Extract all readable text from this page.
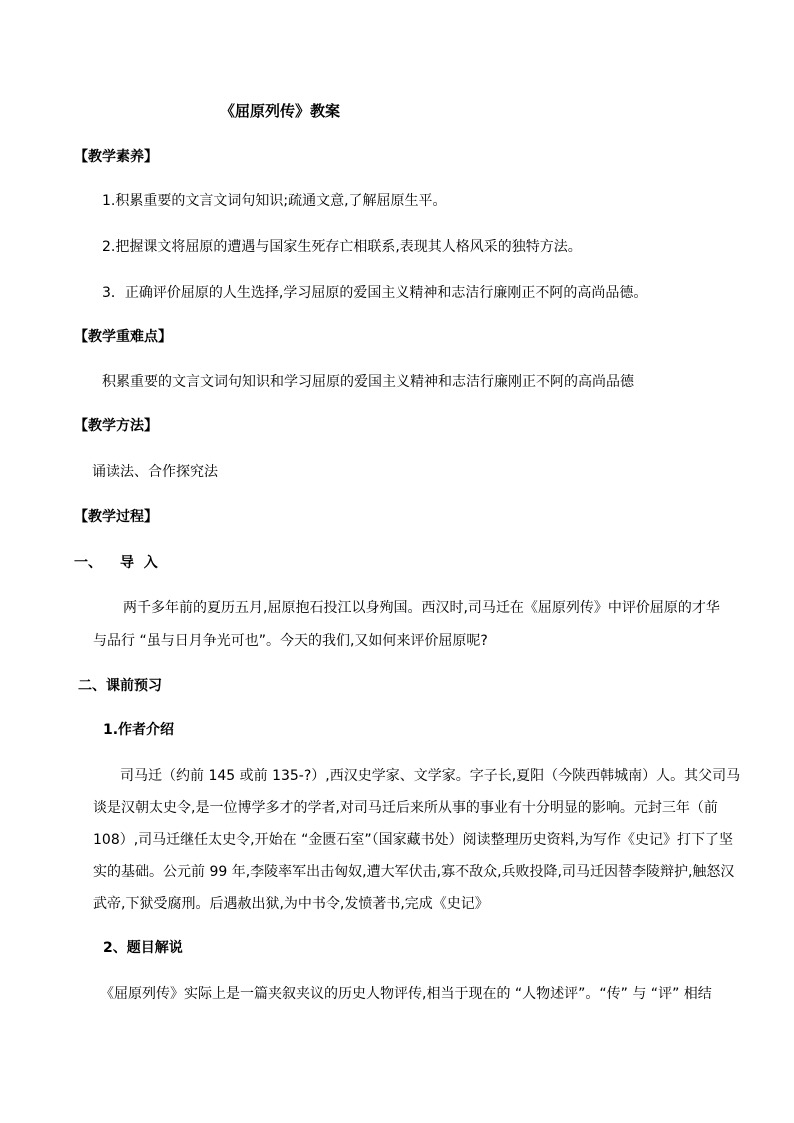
《屈原列传》教案
【教学素养】
1.积累重要的文言文词句知识;疏通文意,了解屈原生平。
2.把握课文将屈原的遭遇与国家生死存亡相联系,表现其人格风采的独特方法。
3．正确评价屈原的人生选择,学习屈原的爱国主义精神和志洁行廉刚正不阿的高尚品德。
【教学重难点】
积累重要的文言文词句知识和学习屈原的爱国主义精神和志洁行廉刚正不阿的高尚品德
【教学方法】
诵读法、合作探究法
【教学过程】
一、 导  入
两千多年前的夏历五月,屈原抱石投江以身殉国。西汉时,司马迁在《屈原列传》中评价屈原的才华
与品行 “虽与日月争光可也”。今天的我们,又如何来评价屈原呢?
二、课前预习
1.作者介绍
司马迁（约前 145 或前 135-?）,西汉史学家、文学家。字子长,夏阳（今陕西韩城南）人。其父司马
谈是汉朝太史令,是一位博学多才的学者,对司马迁后来所从事的事业有十分明显的影响。元封三年（前
108）,司马迁继任太史令,开始在 “金匮石室”（国家藏书处）阅读整理历史资料,为写作《史记》打下了坚
实的基础。公元前 99 年,李陵率军出击匈奴,遭大军伏击,寡不敌众,兵败投降,司马迁因替李陵辩护,触怒汉
武帝,下狱受腐刑。后遇赦出狱,为中书令,发愤著书,完成《史记》
2、题目解说
《屈原列传》实际上是一篇夹叙夹议的历史人物评传,相当于现在的 “人物述评”。“传” 与 “评” 相结
